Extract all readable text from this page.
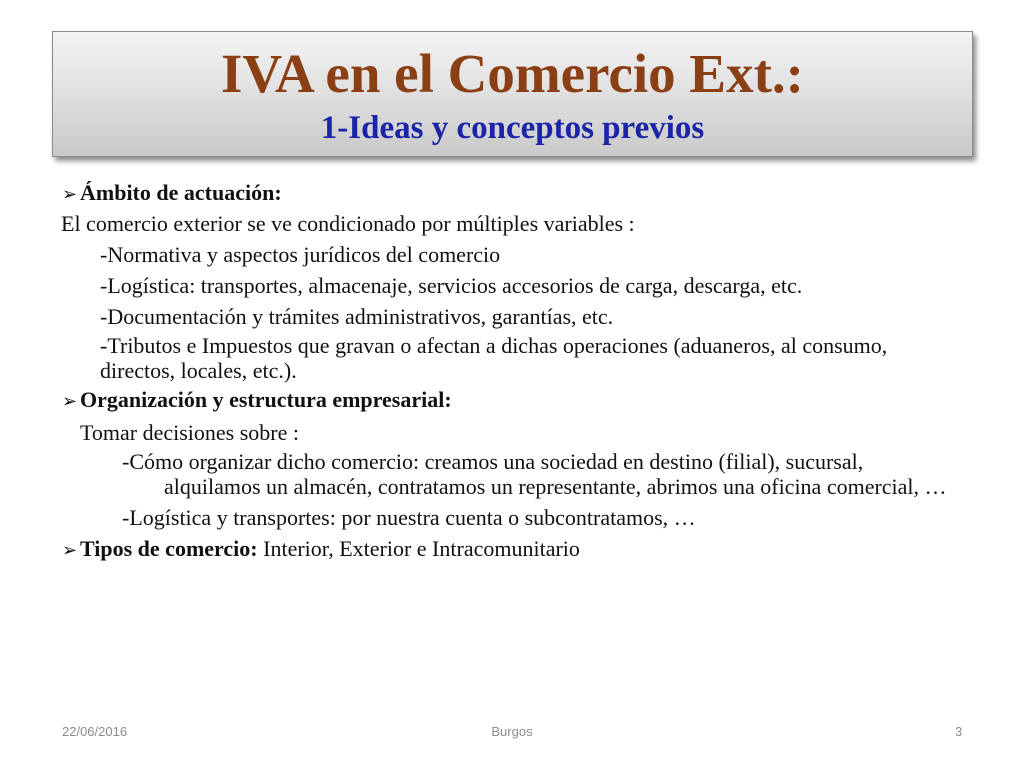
IVA en el Comercio Ext.:
1-Ideas y conceptos previos
➢ Ámbito de actuación:
El comercio exterior se ve condicionado por múltiples variables :
-Normativa y aspectos jurídicos del comercio
-Logística: transportes, almacenaje, servicios accesorios de carga, descarga, etc.
-Documentación y trámites administrativos, garantías, etc.
-Tributos e Impuestos que gravan o afectan a dichas operaciones (aduaneros, al consumo, directos, locales, etc.).
➢ Organización y estructura empresarial:
Tomar decisiones sobre :
-Cómo organizar dicho comercio: creamos una sociedad en destino (filial), sucursal, alquilamos un almacén, contratamos un representante, abrimos una oficina comercial, …
-Logística y transportes: por nuestra cuenta o subcontratamos, …
➢ Tipos de comercio: Interior, Exterior e Intracomunitario
22/06/2016	Burgos	3
